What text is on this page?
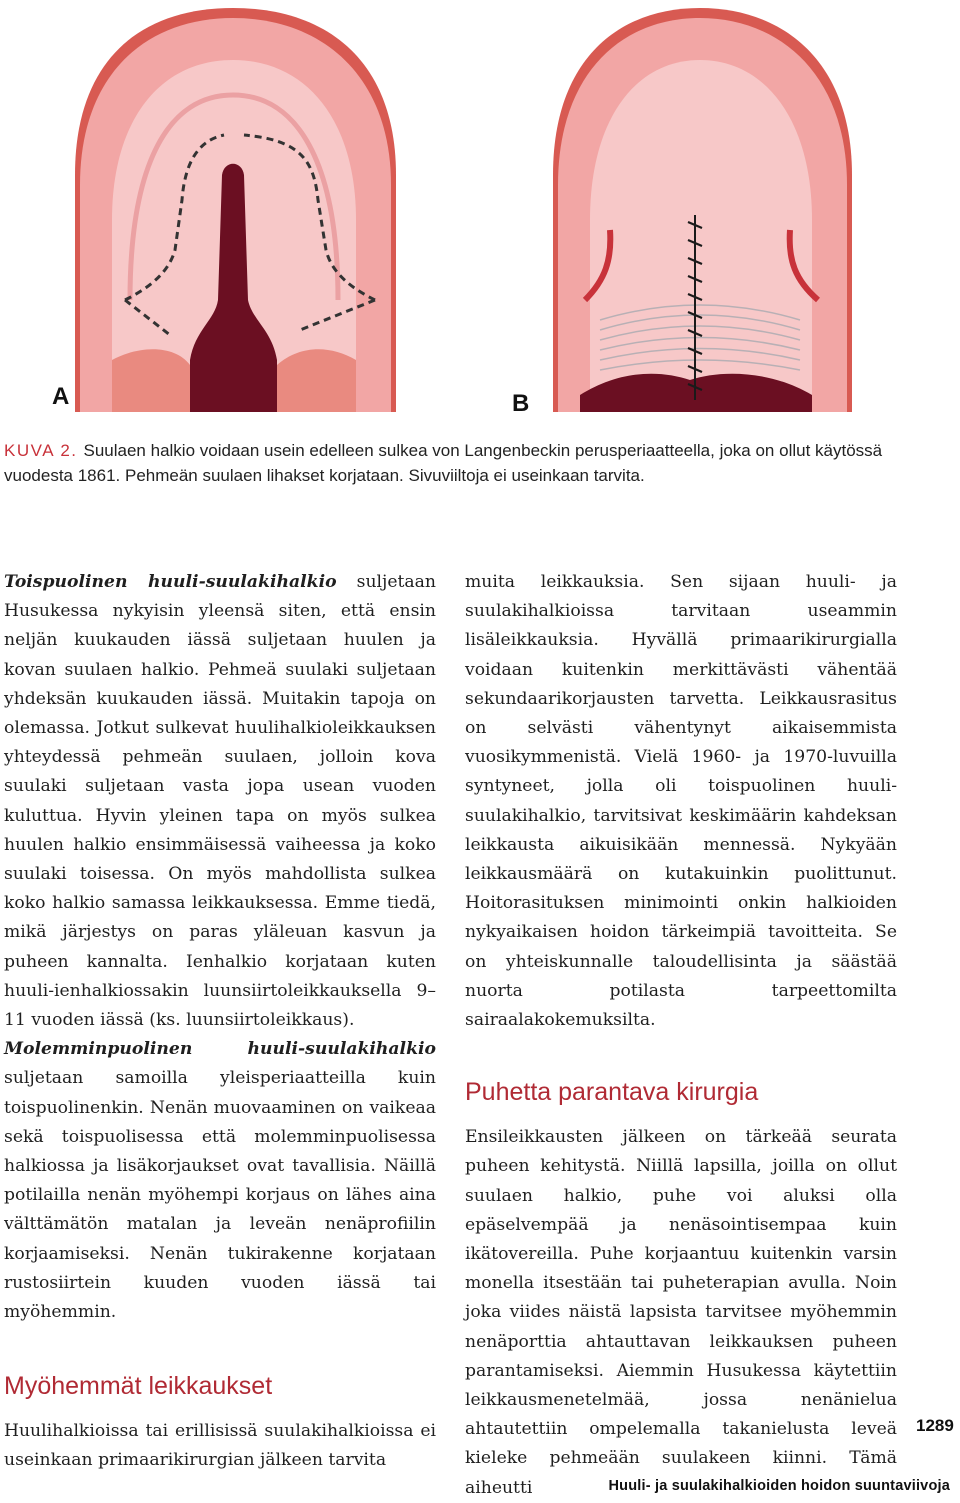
A	B
KUVA 2. Suulaen halkio voidaan usein edelleen sulkea von Langenbeckin perusperiaatteella, joka on ollut käytössä vuodesta 1861. Pehmeän suulaen lihakset korjataan. Sivuviiltoja ei useinkaan tarvita.

Toispuolinen huuli-suulakihalkio suljetaan Husukessa nykyisin yleensä siten, että ensin neljän kuukauden iässä suljetaan huulen ja kovan suulaen halkio. Pehmeä suulaki suljetaan yhdeksän kuukauden iässä. Muitakin tapoja on olemassa. Jotkut sulkevat huulihalkioleikkauksen yhteydessä pehmeän suulaen, jolloin kova suulaki suljetaan vasta jopa usean vuoden kuluttua. Hyvin yleinen tapa on myös sulkea huulen halkio ensimmäisessä vaiheessa ja koko suulaki toisessa. On myös mahdollista sulkea koko halkio samassa leikkauksessa. Emme tiedä, mikä järjestys on paras yläleuan kasvun ja puheen kannalta. Ienhalkio korjataan kuten huuli-ienhalkiossakin luunsiirtoleikkauksella 9–11 vuoden iässä (ks. luunsiirtoleikkaus).

Molemminpuolinen huuli-suulakihalkio suljetaan samoilla yleisperiaatteilla kuin toispuolinenkin. Nenän muovaaminen on vaikeaa sekä toispuolisessa että molemminpuolisessa halkiossa ja lisäkorjaukset ovat tavallisia. Näillä potilailla nenän myöhempi korjaus on lähes aina välttämätön matalan ja leveän nenäprofiilin korjaamiseksi. Nenän tukirakenne korjataan rustosiirtein kuuden vuoden iässä tai myöhemmin.

Myöhemmät leikkaukset

Huulihalkioissa tai erillisissä suulakihalkioissa ei useinkaan primaarikirurgian jälkeen tarvita

muita leikkauksia. Sen sijaan huuli- ja suulakihalkioissa tarvitaan useammin lisäleikkauksia. Hyvällä primaarikirurgialla voidaan kuitenkin merkittävästi vähentää sekundaarikorjausten tarvetta. Leikkausrasitus on selvästi vähentynyt aikaisemmista vuosikymmenistä. Vielä 1960- ja 1970-luvuilla syntyneet, jolla oli toispuolinen huuli-suulakihalkio, tarvitsivat keskimäärin kahdeksan leikkausta aikuisikään mennessä. Nykyään leikkausmäärä on kutakuinkin puolittunut. Hoitorasituksen minimointi onkin halkioiden nykyaikaisen hoidon tärkeimpiä tavoitteita. Se on yhteiskunnalle taloudellisinta ja säästää nuorta potilasta tarpeettomilta sairaalakokemuksilta.

Puhetta parantava kirurgia

Ensileikkausten jälkeen on tärkeää seurata puheen kehitystä. Niillä lapsilla, joilla on ollut suulaen halkio, puhe voi aluksi olla epäselvempää ja nenäsointisempaa kuin ikätovereilla. Puhe korjaantuu kuitenkin varsin monella itsestään tai puheterapian avulla. Noin joka viides näistä lapsista tarvitsee myöhemmin nenäporttia ahtauttavan leikkauksen puheen parantamiseksi. Aiemmin Husukessa käytettiin leikkausmenetelmää, jossa nenänielua ahtautettiin ompelemalla takanielusta leveä kieleke pehmeään suulakeen kiinni. Tämä aiheutti

1289
Huuli- ja suulakihalkioiden hoidon suuntaviivoja
